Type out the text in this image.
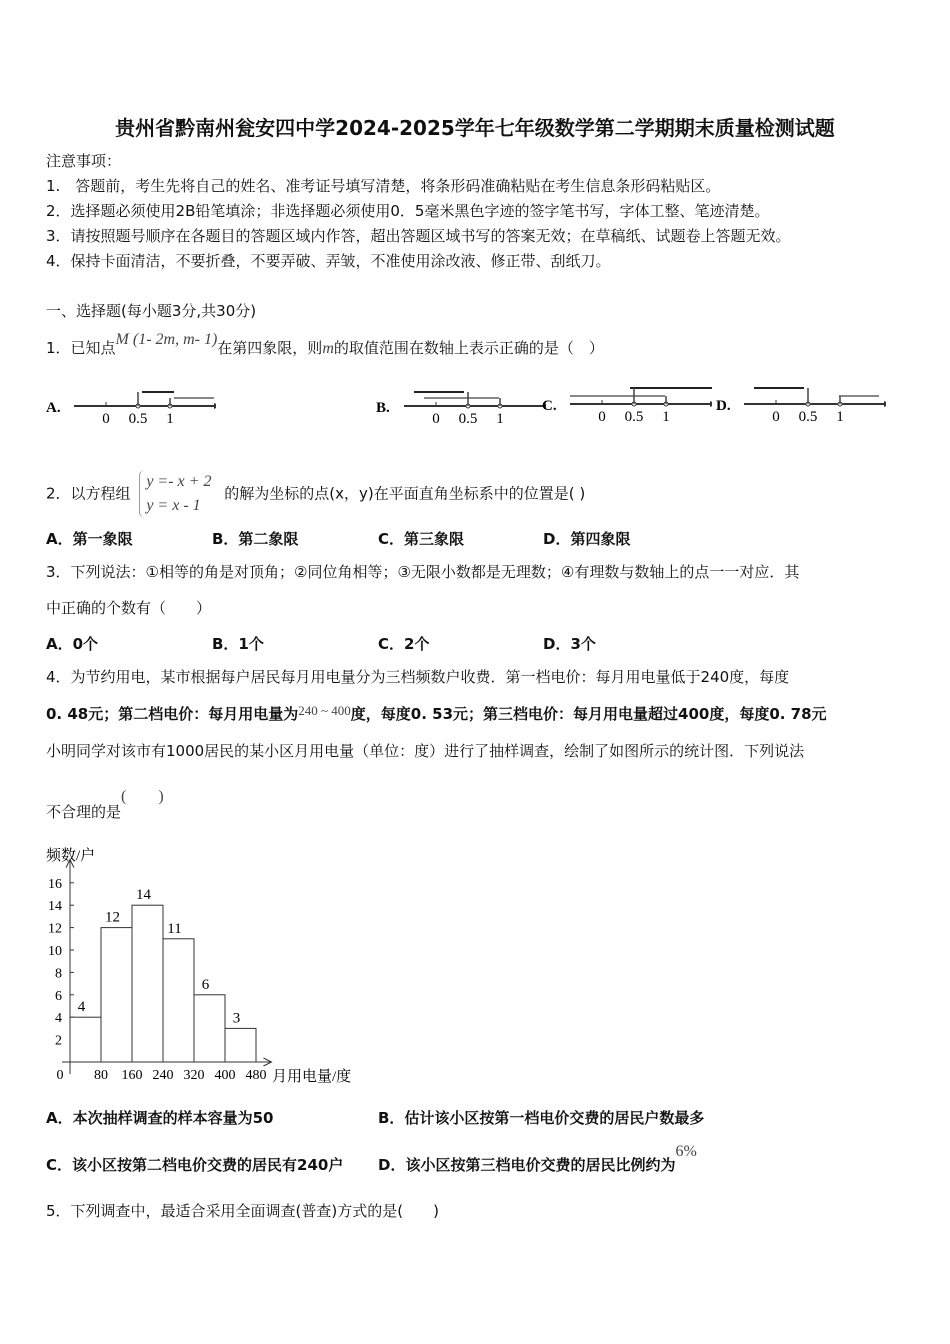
贵州省黔南州瓮安四中学2024-2025学年七年级数学第二学期期末质量检测试题
注意事项：
1.　答题前，考生先将自己的姓名、准考证号填写清楚，将条形码准确粘贴在考生信息条形码粘贴区。
2．选择题必须使用2B铅笔填涂；非选择题必须使用0．5毫米黑色字迹的签字笔书写，字体工整、笔迹清楚。
3．请按照题号顺序在各题目的答题区域内作答，超出答题区域书写的答案无效；在草稿纸、试题卷上答题无效。
4．保持卡面清洁，不要折叠，不要弄破、弄皱，不准使用涂改液、修正带、刮纸刀。
一、选择题(每小题3分,共30分)
1．已知点M (1- 2m, m- 1)在第四象限，则m的取值范围在数轴上表示正确的是（　）
2．以方程组
y =- x + 2
y = x - 1
的解为坐标的点(x，y)在平面直角坐标系中的位置是( )
A．第一象限	B．第二象限	C．第三象限	D．第四象限
3．下列说法：①相等的角是对顶角；②同位角相等；③无限小数都是无理数；④有理数与数轴上的点一一对应．其
中正确的个数有（　　）
A．0个	B．1个	C．2个	D．3个
4．为节约用电，某市根据每户居民每月用电量分为三档频数户收费．第一档电价：每月用电量低于240度，每度
0. 48元；第二档电价：每月用电量为240 ~ 400度，每度0. 53元；第三档电价：每月用电量超过400度，每度0. 78元
小明同学对该市有1000居民的某小区月用电量（单位：度）进行了抽样调查，绘制了如图所示的统计图．下列说法
不合理的是(　　)
频数/户
2
4
6
8
10
12
14
16
4
12
14
11
6
3
0 80 160 240 320 400 480 月用电量/度
A．本次抽样调查的样本容量为50	B．估计该小区按第一档电价交费的居民户数最多
C．该小区按第二档电价交费的居民有240户 D．该小区按第三档电价交费的居民比例约为6%
5．下列调查中，最适合采用全面调查(普查)方式的是(　　)
A.
0 0.5 1
B.
0 0.5 1
C.
0 0.5 1
D.
0 0.5 1
